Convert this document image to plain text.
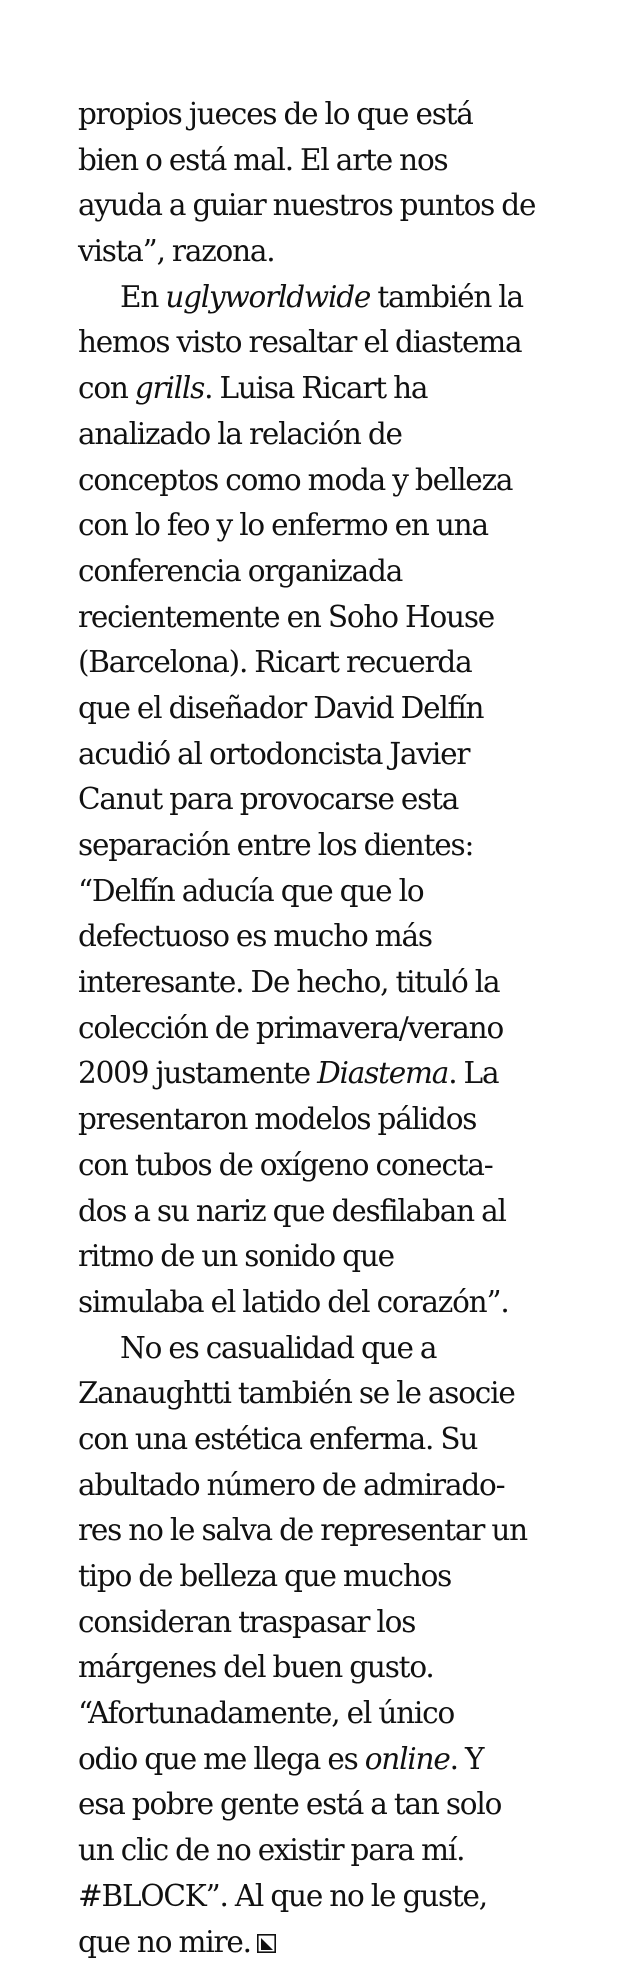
propios jueces de lo que está
bien o está mal. El arte nos
ayuda a guiar nuestros puntos de
vista”, razona.
En uglyworldwide también la
hemos visto resaltar el diastema
con grills. Luisa Ricart ha
analizado la relación de
conceptos como moda y belleza
con lo feo y lo enfermo en una
conferencia organizada
recientemente en Soho House
(Barcelona). Ricart recuerda
que el diseñador David Delfín
acudió al ortodoncista Javier
Canut para provocarse esta
separación entre los dientes:
“Delfín aducía que que lo
defectuoso es mucho más
interesante. De hecho, tituló la
colección de primavera/verano
2009 justamente Diastema. La
presentaron modelos pálidos
con tubos de oxígeno conecta-
dos a su nariz que desfilaban al
ritmo de un sonido que
simulaba el latido del corazón”.
No es casualidad que a
Zanaughtti también se le asocie
con una estética enferma. Su
abultado número de admirado-
res no le salva de representar un
tipo de belleza que muchos
consideran traspasar los
márgenes del buen gusto.
“Afortunadamente, el único
odio que me llega es online. Y
esa pobre gente está a tan solo
un clic de no existir para mí.
#BLOCK”. Al que no le guste,
que no mire.
